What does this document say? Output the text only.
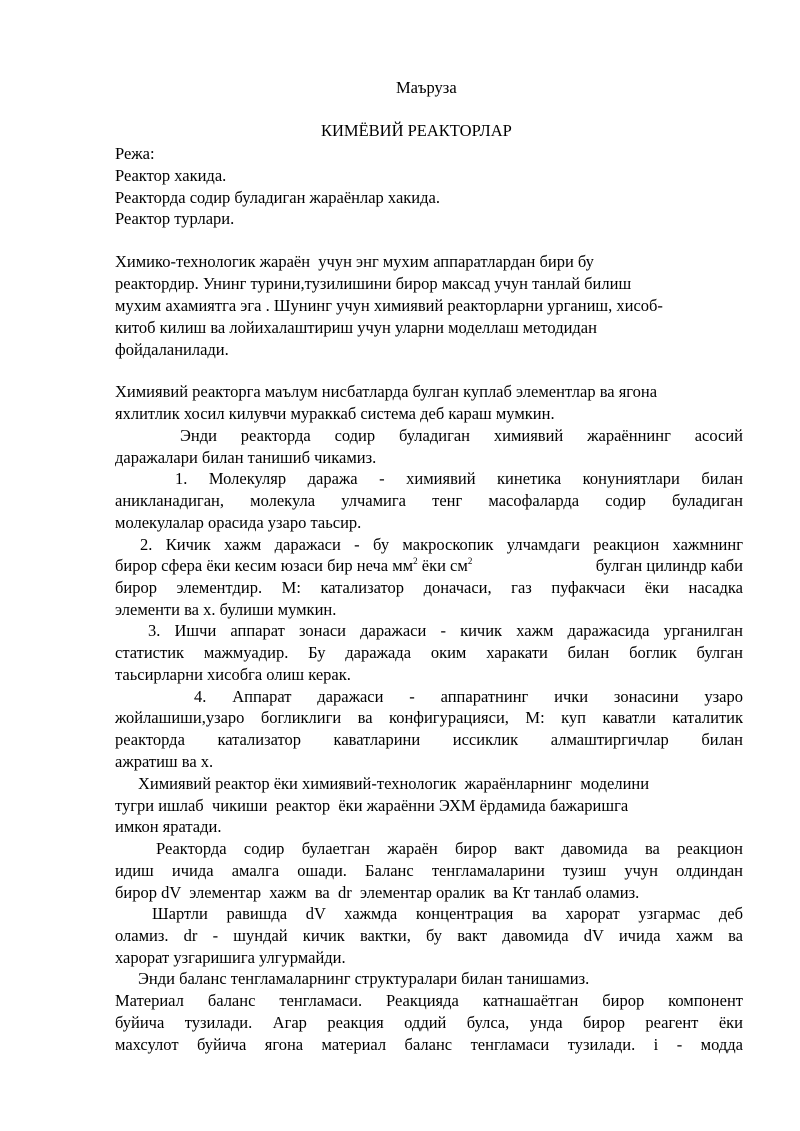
Маъруза
КИМЁВИЙ РЕАКТОРЛАР
Режа:
Реактор хакида.
Реакторда содир буладиган жараёнлар хакида.
Реактор турлари.
Химико-технологик жараён  учун энг мухим аппаратлардан бири бу
реактордир. Унинг турини,тузилишини бирор максад учун танлай билиш
мухим ахамиятга эга . Шунинг учун химиявий реакторларни урганиш, хисоб-
китоб килиш ва лойихалаштириш учун уларни моделлаш методидан
фойдаланилади.
Химиявий реакторга маълум нисбатларда булган куплаб элементлар ва ягона
яхлитлик хосил килувчи мураккаб система деб караш мумкин.
Энди реакторда содир буладиган химиявий жараённинг асосий
даражалари билан танишиб чикамиз.
1. Молекуляр даража - химиявий кинетика конуниятлари билан
аникланадиган, молекула улчамига тенг масофаларда содир буладиган
молекулалар орасида узаро таьсир.
2. Кичик хажм даражаси - бу макроскопик улчамдаги реакцион хажмнинг
бирор сфера ёки кесим юзаси бир неча $мм^2$ ёки $см^2$	булган цилиндр каби
бирор элементдир. М: катализатор доначаси, газ пуфакчаси ёки насадка
элементи ва х. булиши мумкин.
3. Ишчи аппарат зонаси даражаси - кичик хажм даражасида урганилган
статистик мажмуадир. Бу даражада оким харакати билан боглик булган
таьсирларни хисобга олиш керак.
4. Аппарат даражаси - аппаратнинг ички зонасини узаро
жойлашиши,узаро богликлиги ва конфигурацияси, М: куп каватли каталитик
реакторда катализатор каватларини иссиклик алмаштиргичлар билан
ажратиш ва х.
Химиявий реактор ёки химиявий-технологик  жараёнларнинг  моделини
тугри ишлаб  чикиши  реактор  ёки жараённи ЭХМ ёрдамида бажаришга
имкон яратади.
Реакторда содир булаетган жараён бирор вакт давомида ва реакцион
идиш ичида амалга ошади. Баланс тенгламаларини тузиш учун олдиндан
бирор dV  элементар  хажм  ва  dr  элементар оралик  ва Кт танлаб оламиз.
Шартли равишда dV хажмда концентрация ва харорат узгармас деб
оламиз. dr - шундай кичик вактки, бу вакт давомида dV ичида хажм ва
харорат узгаришига улгурмайди.
Энди баланс тенгламаларнинг структуралари билан танишамиз.
Материал баланс тенгламаси. Реакцияда катнашаётган бирор компонент
буйича тузилади. Агар реакция оддий булса, унда бирор реагент ёки
махсулот буйича ягона материал баланс тенгламаси тузилади. i - модда
